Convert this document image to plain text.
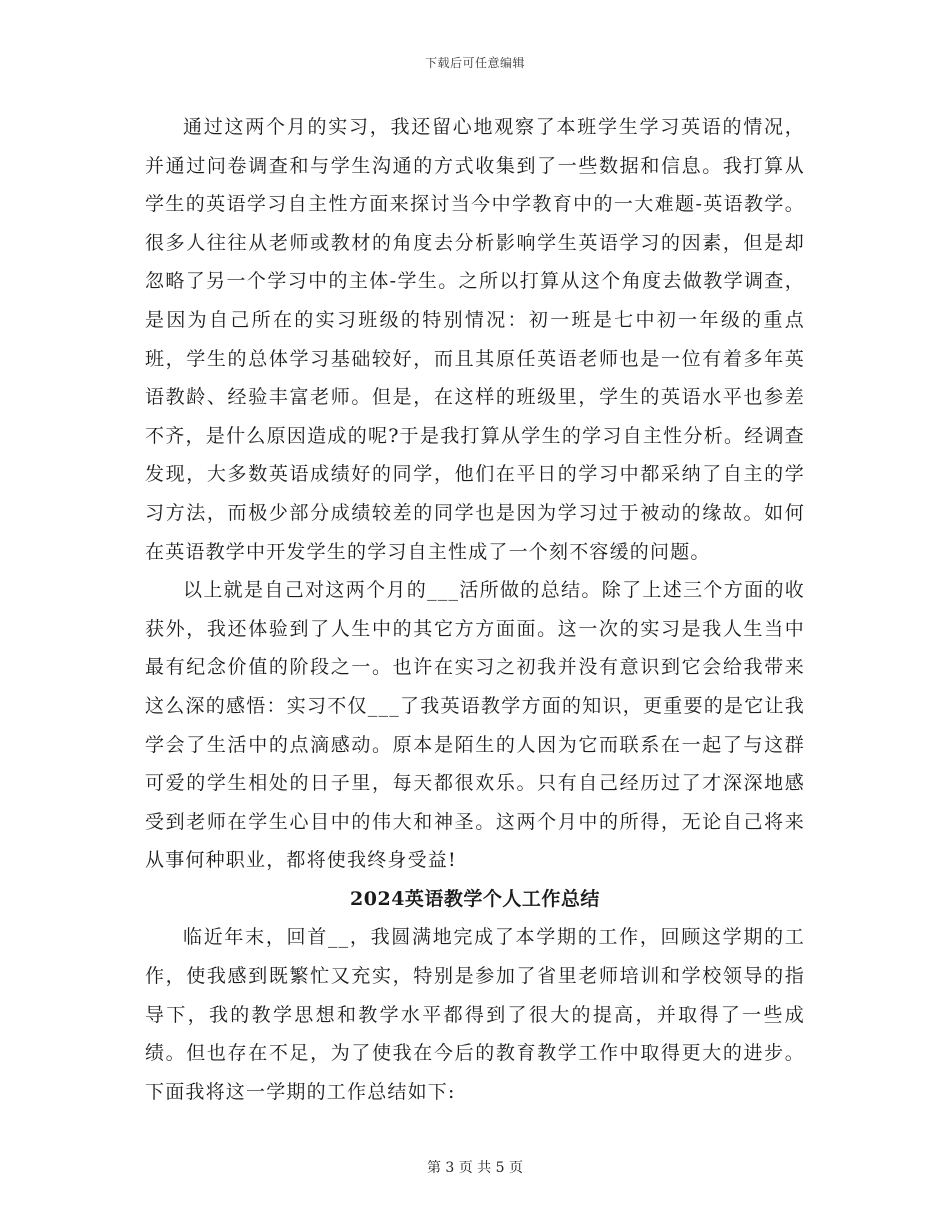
下载后可任意编辑

通过这两个月的实习，我还留心地观察了本班学生学习英语的情况，并通过问卷调查和与学生沟通的方式收集到了一些数据和信息。我打算从学生的英语学习自主性方面来探讨当今中学教育中的一大难题-英语教学。很多人往往从老师或教材的角度去分析影响学生英语学习的因素，但是却忽略了另一个学习中的主体-学生。之所以打算从这个角度去做教学调查，是因为自己所在的实习班级的特别情况：初一班是七中初一年级的重点班，学生的总体学习基础较好，而且其原任英语老师也是一位有着多年英语教龄、经验丰富老师。但是，在这样的班级里，学生的英语水平也参差不齐，是什么原因造成的呢?于是我打算从学生的学习自主性分析。经调查发现，大多数英语成绩好的同学，他们在平日的学习中都采纳了自主的学习方法，而极少部分成绩较差的同学也是因为学习过于被动的缘故。如何在英语教学中开发学生的学习自主性成了一个刻不容缓的问题。

以上就是自己对这两个月的___活所做的总结。除了上述三个方面的收获外，我还体验到了人生中的其它方方面面。这一次的实习是我人生当中最有纪念价值的阶段之一。也许在实习之初我并没有意识到它会给我带来这么深的感悟：实习不仅___了我英语教学方面的知识，更重要的是它让我学会了生活中的点滴感动。原本是陌生的人因为它而联系在一起了与这群可爱的学生相处的日子里，每天都很欢乐。只有自己经历过了才深深地感受到老师在学生心目中的伟大和神圣。这两个月中的所得，无论自己将来从事何种职业，都将使我终身受益!

2024英语教学个人工作总结

临近年末，回首__，我圆满地完成了本学期的工作，回顾这学期的工作，使我感到既繁忙又充实，特别是参加了省里老师培训和学校领导的指导下，我的教学思想和教学水平都得到了很大的提高，并取得了一些成绩。但也存在不足，为了使我在今后的教育教学工作中取得更大的进步。下面我将这一学期的工作总结如下:

第 3 页 共 5 页
